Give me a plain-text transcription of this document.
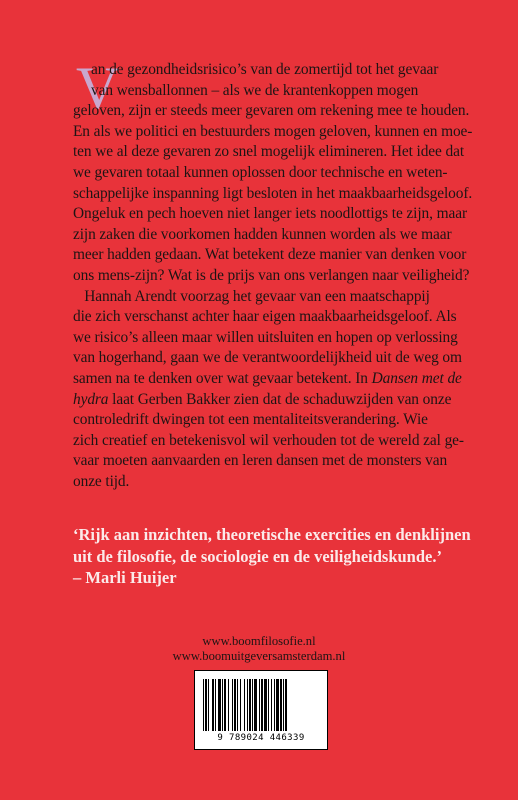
V
an de gezondheidsrisico’s van de zomertijd tot het gevaar
van wensballonnen – als we de krantenkoppen mogen
geloven, zijn er steeds meer gevaren om rekening mee te houden.
En als we politici en bestuurders mogen geloven, kunnen en moe-
ten we al deze gevaren zo snel mogelijk elimineren. Het idee dat
we gevaren totaal kunnen oplossen door technische en weten-
schappelijke inspanning ligt besloten in het maakbaarheidsgeloof.
Ongeluk en pech hoeven niet langer iets noodlottigs te zijn, maar
zijn zaken die voorkomen hadden kunnen worden als we maar
meer hadden gedaan. Wat betekent deze manier van denken voor
ons mens-zijn? Wat is de prijs van ons verlangen naar veiligheid?
Hannah Arendt voorzag het gevaar van een maatschappij
die zich verschanst achter haar eigen maakbaarheidsgeloof. Als
we risico’s alleen maar willen uitsluiten en hopen op verlossing
van hogerhand, gaan we de verantwoordelijkheid uit de weg om
samen na te denken over wat gevaar betekent. In Dansen met de
hydra laat Gerben Bakker zien dat de schaduwzijden van onze
controledrift dwingen tot een mentaliteitsverandering. Wie
zich creatief en betekenisvol wil verhouden tot de wereld zal ge-
vaar moeten aanvaarden en leren dansen met de monsters van
onze tijd.
‘Rijk aan inzichten, theoretische exercities en denklijnen
uit de filosofie, de sociologie en de veiligheidskunde.’
– Marli Huijer
www.boomfilosofie.nl
www.boomuitgeversamsterdam.nl
9 789024 446339
